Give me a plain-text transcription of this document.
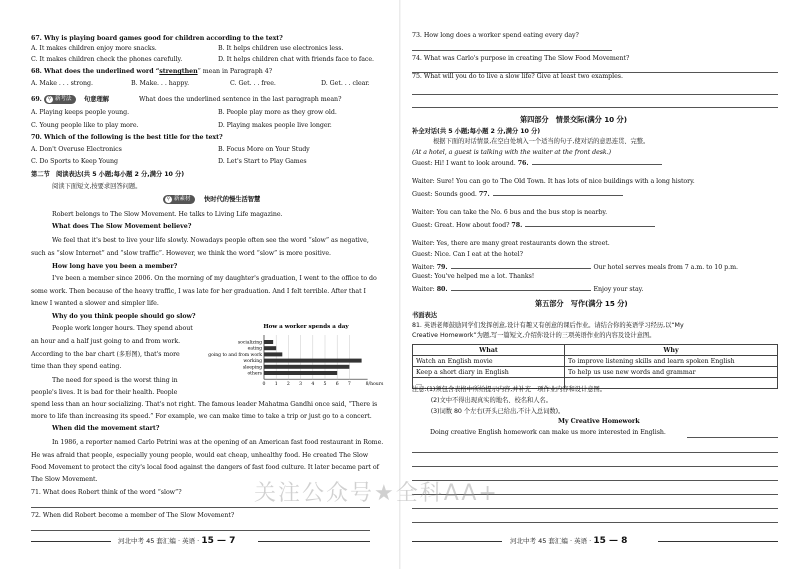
67. Why is playing board games good for children according to the text?
A. It makes children enjoy more snacks.	B. It helps children use electronics less.
C. It makes children check the phones carefully.	D. It helps children chat with friends face to face.
68. What does the underlined word “strengthen” mean in Paragraph 4?
A. Make . . . strong.	B. Make. . . happy.	C. Get. . . free.	D. Get. . . clear.
69.	⚲ 新考法	句意理解	What does the underlined sentence in the last paragraph mean?
A. Playing keeps people young.	B. People play more as they grow old.
C. Young people like to play more.	D. Playing makes people live longer.
70. Which of the following is the best title for the text?
A. Don't Overuse Electronics	B. Focus More on Your Study
C. Do Sports to Keep Young	D. Let's Start to Play Games
第二节　阅读表达(共 5 小题;每小题 2 分,满分 10 分)
阅读下面短文,按要求回答问题。
⚲ 新素材	快时代的慢生活智慧
Robert belongs to The Slow Movement. He talks to Living Life magazine.
What does The Slow Movement believe?
We feel that it's best to live your life slowly. Nowadays people often see the word “slow” as negative,
such as “slow Internet” and “slow traffic”. However, we think the word “slow” is more positive.
How long have you been a member?
I've been a member since 2006. On the morning of my daughter's graduation, I went to the office to do
some work. Then because of the heavy traffic, I was late for her graduation. And I felt terrible. After that I
knew I wanted a slower and simpler life.
Why do you think people should go slow?
People work longer hours. They spend about
an hour and a half just going to and from work.
According to the bar chart (多形图), that's more
time than they spend eating.
The need for speed is the worst thing in
people's lives. It is bad for their health. People
How a worker spends a day
0 1 2 3 4 5 6 7	8/hours
socializing
eating
going to and from work
working
sleeping
others
spend less than an hour socializing. That's not right. The famous leader Mahatma Gandhi once said, “There is
more to life than increasing its speed.” For example, we can make time to take a trip or just go to a concert.
When did the movement start?
In 1986, a reporter named Carlo Petrini was at the opening of an American fast food restaurant in Rome.
He was afraid that people, especially young people, would eat cheap, unhealthy food. He created The Slow
Food Movement to protect the city's local food against the dangers of fast food culture. It later became part of
The Slow Movement.
71. What does Robert think of the word “slow”?
72. When did Robert become a member of The Slow Movement?
河北中考 45 套汇编 · 英语 · 15 — 7
73. How long does a worker spend eating every day?
74. What was Carlo's purpose in creating The Slow Food Movement?
75. What will you do to live a slow life? Give at least two examples.
第四部分　情景交际(满分 10 分)
补全对话(共 5 小题;每小题 2 分,满分 10 分)
根据下面的对话情景,在空白处填入一个适当的句子,使对话的意思连贯、完整。
(At a hotel, a guest is talking with the waiter at the front desk.)
Guest: Hi! I want to look around. 76.
Waiter: Sure! You can go to The Old Town. It has lots of nice buildings with a long history.
Guest: Sounds good. 77.
Waiter: You can take the No. 6 bus and the bus stop is nearby.
Guest: Great. How about food? 78.
Waiter: Yes, there are many great restaurants down the street.
Guest: Nice. Can I eat at the hotel?
Waiter: 79.	Our hotel serves meals from 7 a.m. to 10 p.m.
Guest: You've helped me a lot. Thanks!
Waiter: 80.	Enjoy your stay.
第五部分　写作(满分 15 分)
书面表达
81. 英语老师鼓励同学们发挥创意,设计有趣又有创意的课后作业。请结合你的英语学习经历,以“My
Creative Homework”为题,写一篇短文,介绍你设计的三项英语作业的内容及设计意图。
What	Why
Watch an English movie	To improve listening skills and learn spoken English
Keep a short diary in English	To help us use new words and grammar
...	
注意:(1)须包含表格中所给提示内容,并补充一项作业内容和设计意图。
　　　(2)文中不得出现真实的地名、校名和人名。
　　　(3)词数 80 个左右(开头已给出,不计入总词数)。
My Creative Homework
Doing creative English homework can make us more interested in English.
河北中考 45 套汇编 · 英语 · 15 — 8
关注公众号★全科AA+
